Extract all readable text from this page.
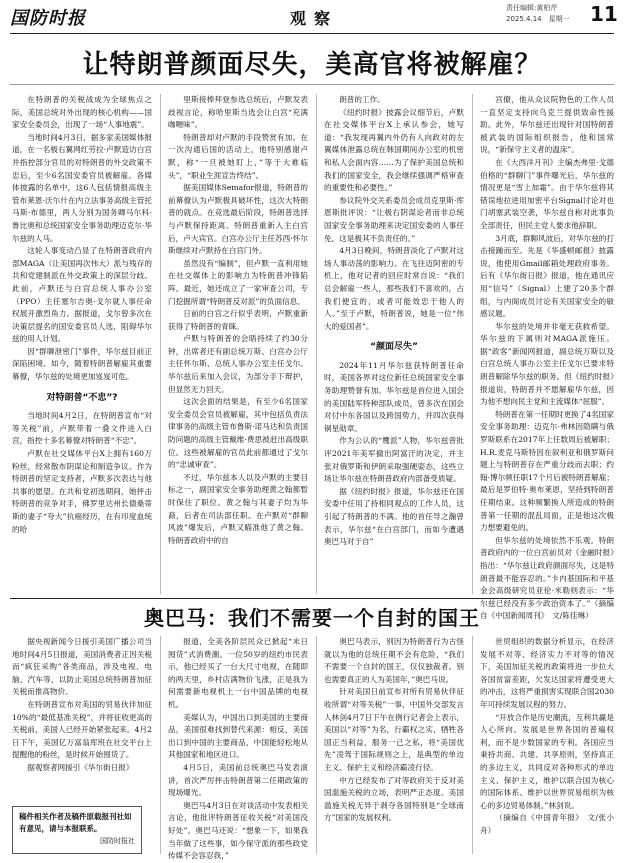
国防时报	观察
责任编辑:黄柏芹
2025.4.14　星期一 11
让特朗普颜面尽失，美高官将被解雇？

在特朗普的关税战成为全球焦点之际，美国总统对外出现的核心机构——国家安全委员会，出现了一场“人事地震”。

当地时间4月3日，据多家美国媒体报道，在一名极右翼网红劳拉·卢默造访白宫并指控部分官员的对特朗普的外交政策不忠后，至少6名国安委官员被解雇。各媒体披露的名单中，这6人包括情报高级主管布莱恩·沃尔什在内立法事务高级主管托马斯·布德里，两人分别为国务卿马尔科·鲁比奥和总统国家安全事务助理迈克尔·华尔兹的人马。

这轮人事变动凸显了在特朗普政府内部MAGA（让美国再次伟大）派与残存的共和党建制派在外交政策上的深层分歧。此前，卢默还与白宫总统人事办公室（PPO）主任塞尔吉奥·戈尔就人事任命权展开激烈角力。据报道，戈尔曾多次在决策层提名的国安委官员人选，阻碍华尔兹的用人计划。

因“群聊泄密门”事件，华尔兹目前正深陷困境。如今，随着特朗普解雇其重要幕僚，华尔兹的处境更加岌岌可危。

对特朗普“不忠”?

当地时间4月2日，在特朗普宣布“对等关税”前，卢默带着一叠文件进入白宫，指控十多名幕僚对特朗普“不忠”。

卢默在社交媒体平台X上拥有160万粉丝，经常散布阴谋论和制造争议。作为特朗普的坚定支持者，卢默多次表达与他共事的愿望。在共和党初选期间，她抨击特朗普的竞争对手，佛罗里达州长德桑蒂斯的妻子“夸大”抗癌经历，在有印度血统的哈

里斯接棒拜登参选总统后，卢默发表歧视言论，称哈里斯当选会让白宫“充满咖喱味”。

特朗普却对卢默的手段赞赏有加。在一次沟通后国的活动上，他特别感谢卢默，称“一旦被她盯上，”等于大难临头”，“职业生涯宣告终结”。

据美国媒体Semafor报道，特朗普的前幕僚认为卢默极具破坏性，这次大特朗普的就点。在竞选最后阶段，特朗普选择与卢默保持距离。特朗普重新入主白宫后，卢大宾官。白宫办公厅主任苏西·怀尔斯继续对卢默持在白宫门外。

虽然没有“编制”，但卢默一直利用她在社交媒体上的影响力为特朗普冲锋陷阵。最近，她还成立了一家审查公司，专门挖掘所谓“特朗普反对派”的负面信息。

日前的白宫之行似乎表明，卢默重新获得了特朗普的青睐。

卢默与特朗普的会晤持续了约30分钟，出席者还有副总统万斯、白宫办公厅主任怀尔斯、总统人事办公室主任戈尔。华尔兹后来加入会议，为部分手下辩护，但显然无力回天。

这次会面的结果是，有至少6名国家安全委员会官员被解雇，其中包括负责法律事务的高级主管布鲁斯·诺马达和负责国防问题的高级主管戴维·费思被赶出高级职位。这些被解雇的官员此前都通过了戈尔的“忠诚审查”。

不过，华尔兹本人以及卢默的主要目标之一，副国家安全事务助理黄之翰都暂时保住了职位。黄之翰与其妻子均为华裔，后者在司法部任职。在卢默对“群聊风波”爆发后，卢默又瞄准他了黄之翰。特朗普政府中的自

朗普的工作。

《纽约时报》披露会议细节后，卢默在社交媒体平台X上承认参会，她写道：“我发现再翼内外仍有人向政对的左翼媒体泄露总统在韩国期间办公室的机密和私人会面内容……为了保护美国总统和我们的国家安全，我会继续强调严格审查的重要性和必要性。”

参议院外交关系委员会成员克里斯·库恩斯批评说：“让极右阴谋论者而非总统国家安全事务助理来决定国安委的人事任免，这是极其不负责任的。”

4月3日晚间，特朗普淡化了卢默对这场人事动荡的影响力。在飞往迈阿密的专机上，他对记者的回应时常自说：“我们总会解雇一些人，那些我们不喜欢的，占我们便宜的，或者可能效忠于他人的人。”至于卢默，特朗普说，她是一位“伟大的爱国者”。

“颜面尽失”

2024年11月华尔兹获特朗普任命时，美国各界对这位新任总统国家安全事务助理赞誉有加。华尔兹是首位进入国会的美国陆军特种部队成员，曾多次在国会对付中东各国以及跨国势力，并四次获得铜星勋章。

作为公认的“鹰派”人物，华尔兹曾批评2021年美军撤出阿富汗的决定，并主张对俄罗斯和伊朗采取强硬姿态，这些立场让华尔兹在特朗普政府内部备受质疑。

据《纽约时报》报道，华尔兹还在国安委中任用了持相同观点的工作人员，这引起了特朗普的不满。他的首任导之瀚曾表示，华尔兹“在白宫部门，而如今遭遇奥巴马对于自”

宫僚，他从众议院物色的工作人员一直坚定支持向乌克兰提供致命性援助。此外，华尔兹还出现针对国特朗普被武装的国际组织报告，他和国常说，“新保守主义者的温床”。

在《大西洋月刊》主编杰弗里·戈德伯格的“群聊门”事件曝光后，华尔兹的情况更是“雪上加霜”。由于华尔兹将其错误地拉进用加密平台Signal讨论对也门胡塞武装空袭，华尔兹自称对此事负全部责任，但民主党人要求他辞职。

3月底，群聊风波后，对华尔兹的打击接踵而至。先是《华盛顿邮报》披露说，他使用Gmail邮箱处理政府事务。后有《华尔街日报》报道，他在通讯应用“信号”（Signal）上建了20多个群组，与内阁成员讨论有关国家安全的敏感议题。

华尔兹的处境并非毫无获救希望。华尔兹的下属则对MAGA派施压。据“政客”新闻网报道，副总统万斯以及白宫总统人事办公室主任戈尔已要求特朗普解除华尔兹的职务。但《纽约时报》报道说，特朗普并不愿解雇华尔兹，因为他不想向民主党和主流媒体“屈服”。

特朗普在第一任期时更换了4名国家安全事务助理：迈克尔·弗林因隐瞒与俄罗斯联系在2017年上任数周后被解职；H.R.麦克马斯特因在叙利亚和俄罗斯问题上与特朗普存在严重分歧而去职；约翰·博尔顿任职17个月后被特朗普解雇；最后是罗伯特·奥布莱恩，坚持到特朗普任期结束。这种频繁换人所造成的特朗普第一任期的混乱局面，正是他这次极力想要避免的。

但华尔兹的处境依然不乐观。特朗普政府内的一位白宫前员对《金融时报》指出：“华尔兹让政府颜面尽失，这是特朗普最不能容忍的。”卡内基国际和平基金会高级研究员亚伦·米勒则表示：“华尔兹已经没有多少政治资本了。”（摘编自《中国新闻周刊》　文/陈佳琳）

奥巴马：我们不需要一个自封的国王

据央视新闻今日援引美国广播公司当地时间4月5日报道，美国消费者正因关税而“疯狂采购”各类商品，涉及电视、电脑、汽车等，以防止美国总统特朗普加征关税而推高物价。

在特朗普宣布对美国的贸易伙伴加征10%的“最低基准关税”，并将征收更高的关税前，美国人已经开始紧张起来。4月2日下午，美国亿万富翁库班在社交平台上提醒他的粉丝，是时候开始囤货了。

据观察者网援引《华尔街日报》

报道，全美各阶层民众已掀起“末日囤货”式消费潮。一位50岁的纽约市民表示，他已经买了一台大尺寸电视，在随即的两天里，乡村店满物价飞涨，正是我为何需要新电视机上一台中国品牌的电视机。

美媒认为，中国出口到美国的主要商品，美国很难找到替代来源：相反，美国出口到中国的主要商品，中国能轻松地从其他国家和地区进口。

4月5日，美国前总统奥巴马发表演讲，首次严厉抨击特朗普第二任期政策的现场爆光。

奥巴马4月3日在对谈活动中发表相关言论，他批评特朗普征收关税“对美国没好处”。奥巴马还说：“想象一下，如果我当年做了这些事，如今保守派的那些政党传媒不会容忍我，”

奥巴马表示，别因为特朗普行为古怪就以为他的总统任期不会有危险，“我们不需要一个自封的国王，仅仅独裁者。别也需要真正的人为美国年，”奥巴马说。

针对美国日前宣布对所有贸易伙伴征收所谓“对等关税”一事，中国外交部发言人林剑4月7日下午在例行记者会上表示，美国以“对等”为名，行霸权之实，牺牲各国正当利益，服务一己之私，将“美国优先”凌驾于国际规则之上，是典型的单边主义、保护主义和经济霸凌行径。

中方已经发布了对等政府关于反对美国滥施关税的立场，表明严正态度。美国滥施关税无异于剥夺各国特别是“全球南方”国家的发展权利。

世贸组织的数据分析显示，在经济发展不对等、经济实力不对等的情况下，美国加征关税的政策将进一步拉大各国贫富差距，欠发达国家将遭受更大的冲击，这将严重损害实现联合国2030年可持续发展议程的努力。

“开放合作是历史潮流，互利共赢是人心所向。发展是世界各国的普遍权利，而不是少数国家的专利。各国应当秉持共商、共建、共享原则，坚持真正的多边主义，共同反对各种形式的单边主义、保护主义，维护以联合国为核心的国际体系、维护以世界贸易组织为核心的多边贸易体制。”林剑说。

（摘编自《中国青年报》　文/张小舟）

稿件相关作者及稿件原载报刊社如有意见，请与本报联系。
国防时报社
